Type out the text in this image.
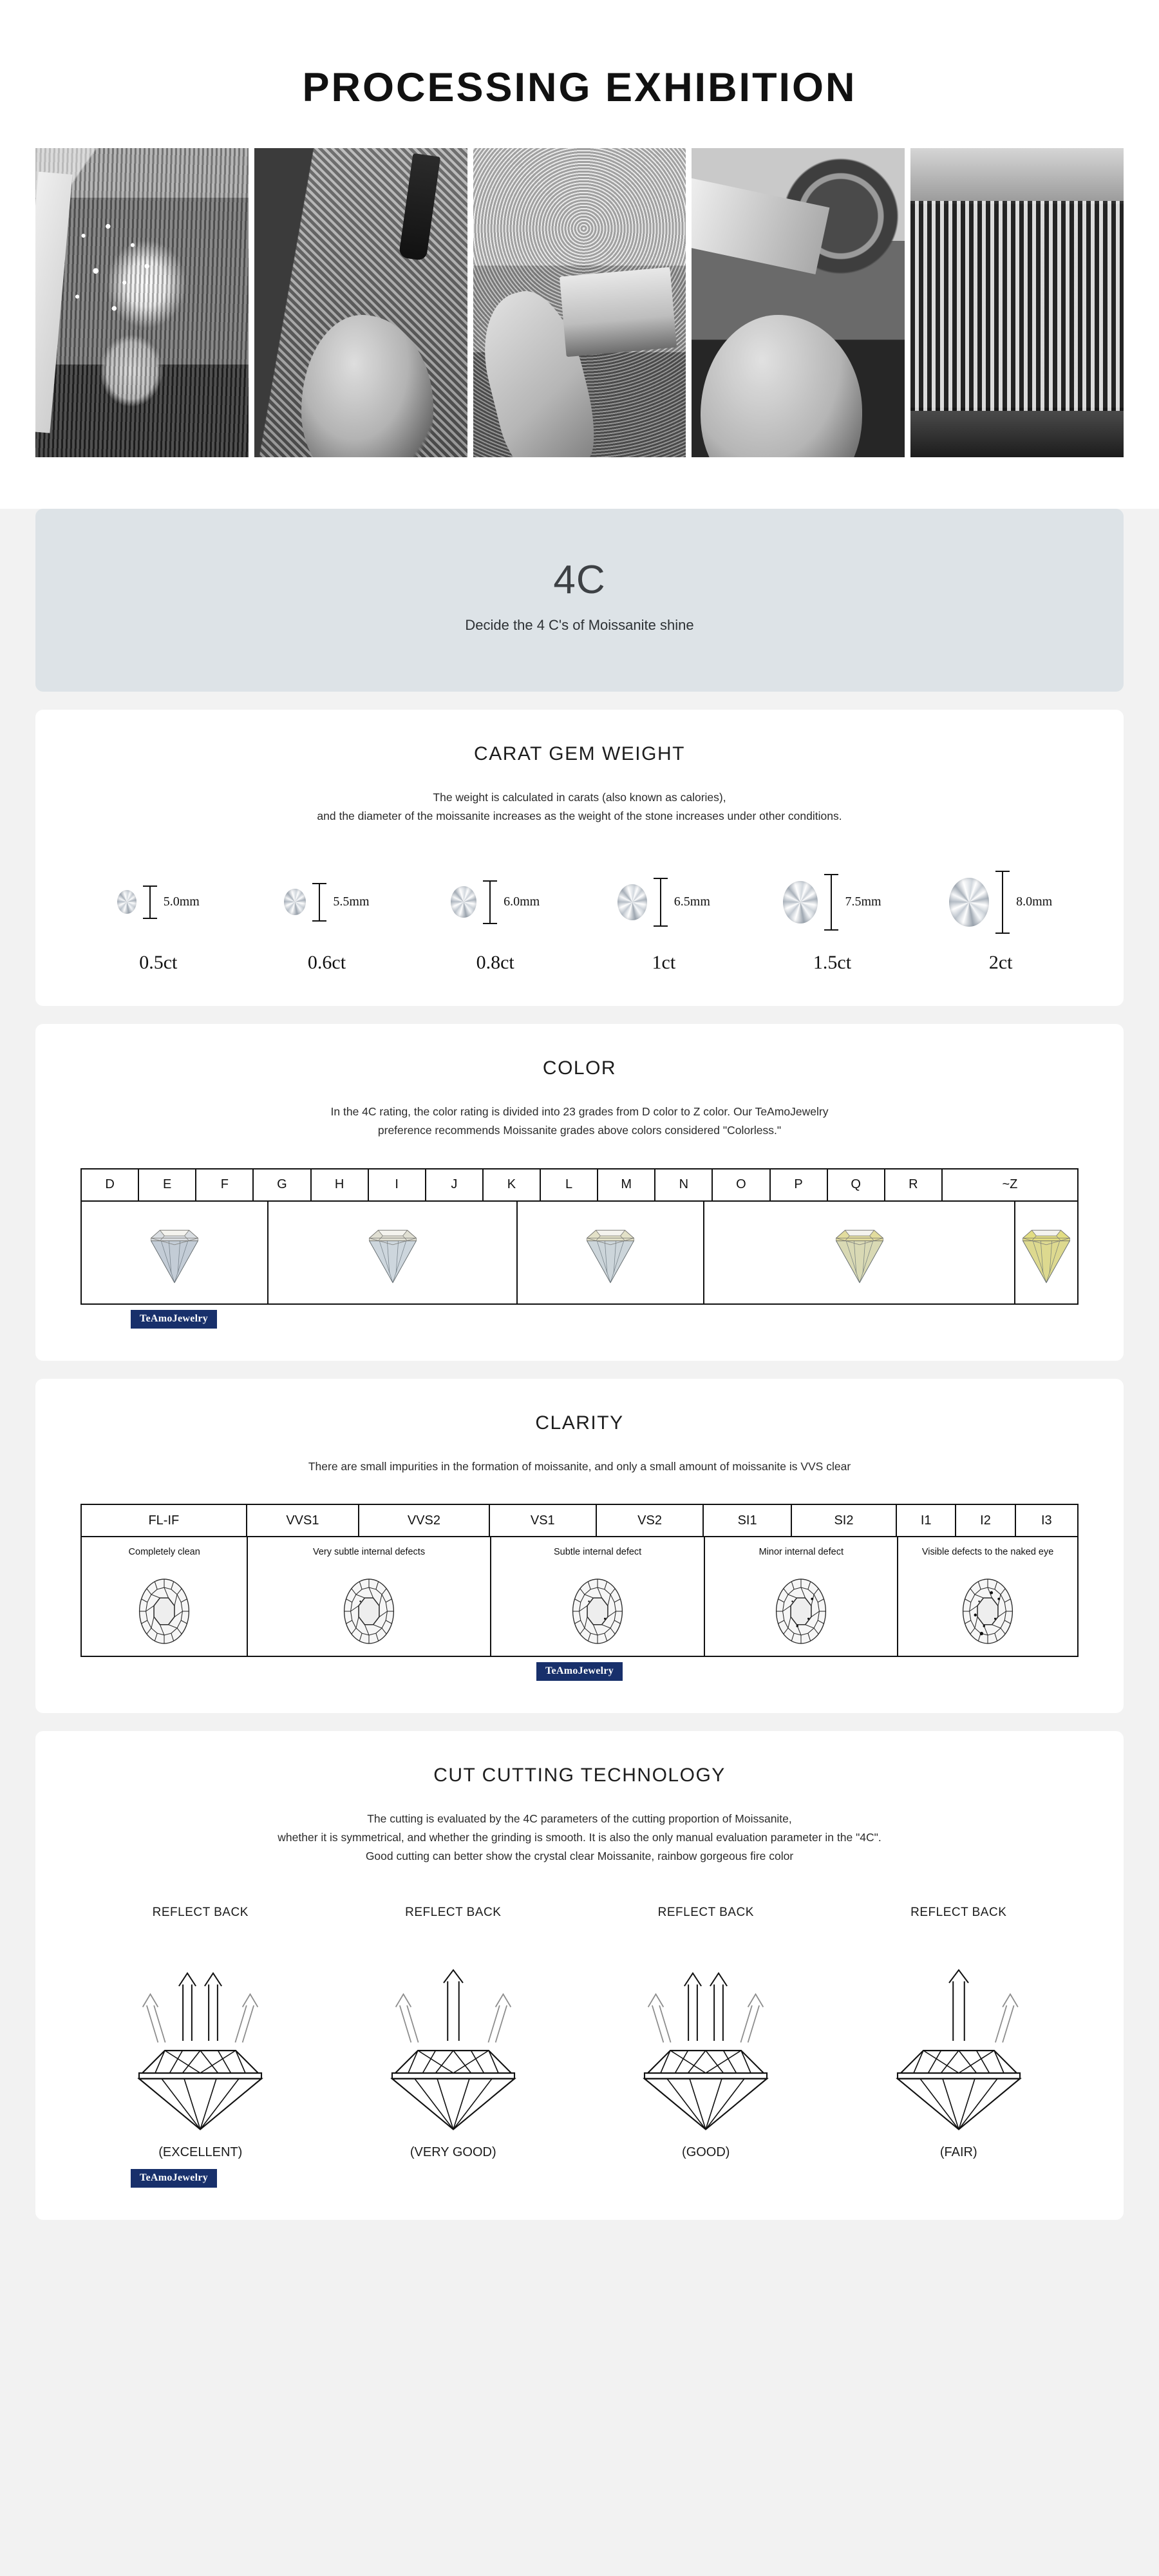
PROCESSING EXHIBITION
4C
Decide the 4 C's of Moissanite shine
CARAT GEM WEIGHT
The weight is calculated in carats (also known as calories),
and the diameter of the moissanite increases as the weight of the stone increases under other conditions.
5.0mm
0.5ct
5.5mm
0.6ct
6.0mm
0.8ct
6.5mm
1ct
7.5mm
1.5ct
8.0mm
2ct
COLOR
In the 4C rating, the color rating is divided into 23 grades from D color to Z color. Our TeAmoJewelry
preference recommends Moissanite grades above colors considered "Colorless."
D	E	F	G	H	I	J	K	L	M	N	O	P	Q	R	~Z
TeAmoJewelry
CLARITY
There are small impurities in the formation of moissanite, and only a small amount of moissanite is VVS clear
FL-IF	VVS1	VVS2	VS1	VS2	SI1	SI2	I1	I2	I3
Completely clean	Very subtle internal defects	Subtle internal defect	Minor internal defect	Visible defects to the naked eye
TeAmoJewelry
CUT CUTTING TECHNOLOGY
The cutting is evaluated by the 4C parameters of the cutting proportion of Moissanite,
whether it is symmetrical, and whether the grinding is smooth. It is also the only manual evaluation parameter in the "4C".
Good cutting can better show the crystal clear Moissanite, rainbow gorgeous fire color
REFLECT BACK
(EXCELLENT)
REFLECT BACK
(VERY GOOD)
REFLECT BACK
(GOOD)
REFLECT BACK
(FAIR)
TeAmoJewelry
